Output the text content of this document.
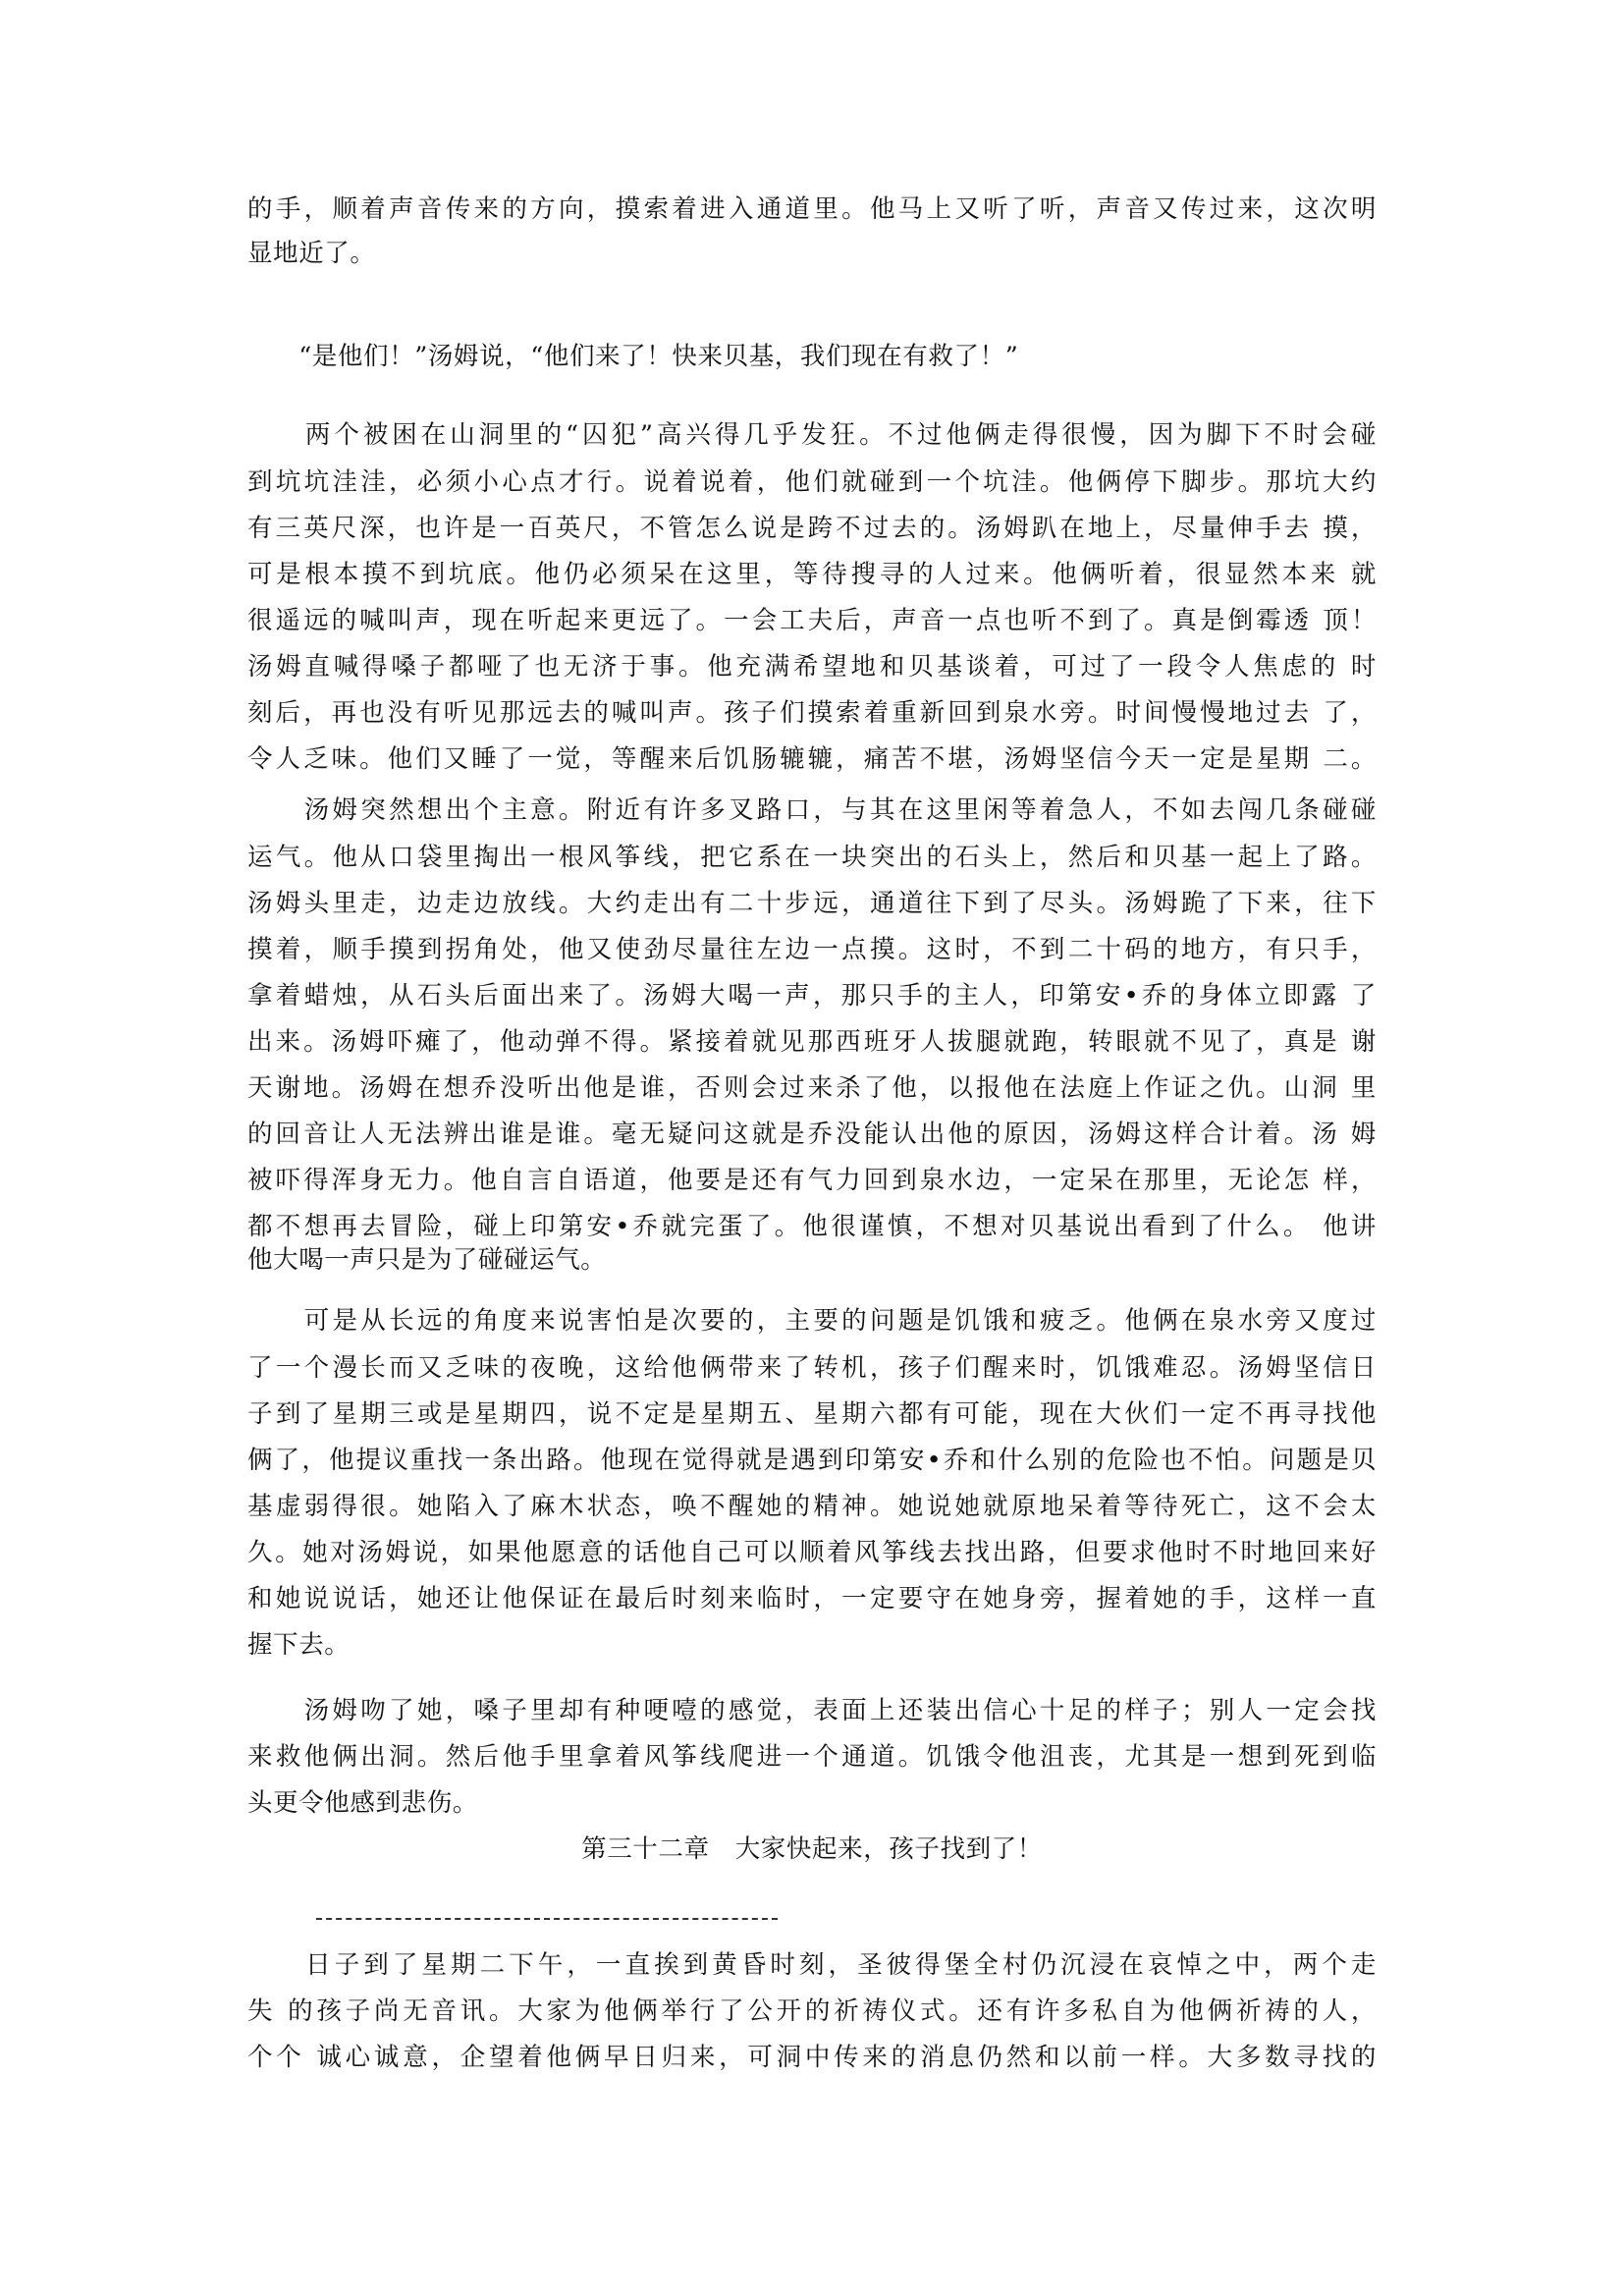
的手，顺着声音传来的方向，摸索着进入通道里。他马上又听了听，声音又传过来，这次明
显地近了。
　　“是他们！”汤姆说，“他们来了！快来贝基，我们现在有救了！”
　　两个被困在山洞里的“囚犯”高兴得几乎发狂。不过他俩走得很慢，因为脚下不时会碰
到坑坑洼洼，必须小心点才行。说着说着，他们就碰到一个坑洼。他俩停下脚步。那坑大约
有三英尺深，也许是一百英尺，不管怎么说是跨不过去的。汤姆趴在地上，尽量伸手去 摸，
可是根本摸不到坑底。他仍必须呆在这里，等待搜寻的人过来。他俩听着，很显然本来 就
很遥远的喊叫声，现在听起来更远了。一会工夫后，声音一点也听不到了。真是倒霉透 顶！
汤姆直喊得嗓子都哑了也无济于事。他充满希望地和贝基谈着，可过了一段令人焦虑的 时
刻后，再也没有听见那远去的喊叫声。孩子们摸索着重新回到泉水旁。时间慢慢地过去 了，
令人乏味。他们又睡了一觉，等醒来后饥肠辘辘，痛苦不堪，汤姆坚信今天一定是星期 二。
　　汤姆突然想出个主意。附近有许多叉路口，与其在这里闲等着急人，不如去闯几条碰碰
运气。他从口袋里掏出一根风筝线，把它系在一块突出的石头上，然后和贝基一起上了路。
汤姆头里走，边走边放线。大约走出有二十步远，通道往下到了尽头。汤姆跪了下来，往下
摸着，顺手摸到拐角处，他又使劲尽量往左边一点摸。这时，不到二十码的地方，有只手，
拿着蜡烛，从石头后面出来了。汤姆大喝一声，那只手的主人，印第安•乔的身体立即露 了
出来。汤姆吓瘫了，他动弹不得。紧接着就见那西班牙人拔腿就跑，转眼就不见了，真是 谢
天谢地。汤姆在想乔没听出他是谁，否则会过来杀了他，以报他在法庭上作证之仇。山洞 里
的回音让人无法辨出谁是谁。毫无疑问这就是乔没能认出他的原因，汤姆这样合计着。汤 姆
被吓得浑身无力。他自言自语道，他要是还有气力回到泉水边，一定呆在那里，无论怎 样，
都不想再去冒险，碰上印第安•乔就完蛋了。他很谨慎，不想对贝基说出看到了什么。 他讲
他大喝一声只是为了碰碰运气。
　　可是从长远的角度来说害怕是次要的，主要的问题是饥饿和疲乏。他俩在泉水旁又度过
了一个漫长而又乏味的夜晚，这给他俩带来了转机，孩子们醒来时，饥饿难忍。汤姆坚信日
子到了星期三或是星期四，说不定是星期五、星期六都有可能，现在大伙们一定不再寻找他
俩了，他提议重找一条出路。他现在觉得就是遇到印第安•乔和什么别的危险也不怕。问题是贝
基虚弱得很。她陷入了麻木状态，唤不醒她的精神。她说她就原地呆着等待死亡，这不会太
久。她对汤姆说，如果他愿意的话他自己可以顺着风筝线去找出路，但要求他时不时地回来好
和她说说话，她还让他保证在最后时刻来临时，一定要守在她身旁，握着她的手，这样一直
握下去。
　　汤姆吻了她，嗓子里却有种哽噎的感觉，表面上还装出信心十足的样子；别人一定会找
来救他俩出洞。然后他手里拿着风筝线爬进一个通道。饥饿令他沮丧，尤其是一想到死到临
头更令他感到悲伤。
第三十二章　大家快起来，孩子找到了！
　　日子到了星期二下午，一直挨到黄昏时刻，圣彼得堡全村仍沉浸在哀悼之中，两个走
失 的孩子尚无音讯。大家为他俩举行了公开的祈祷仪式。还有许多私自为他俩祈祷的人，
个个 诚心诚意，企望着他俩早日归来，可洞中传来的消息仍然和以前一样。大多数寻找的
